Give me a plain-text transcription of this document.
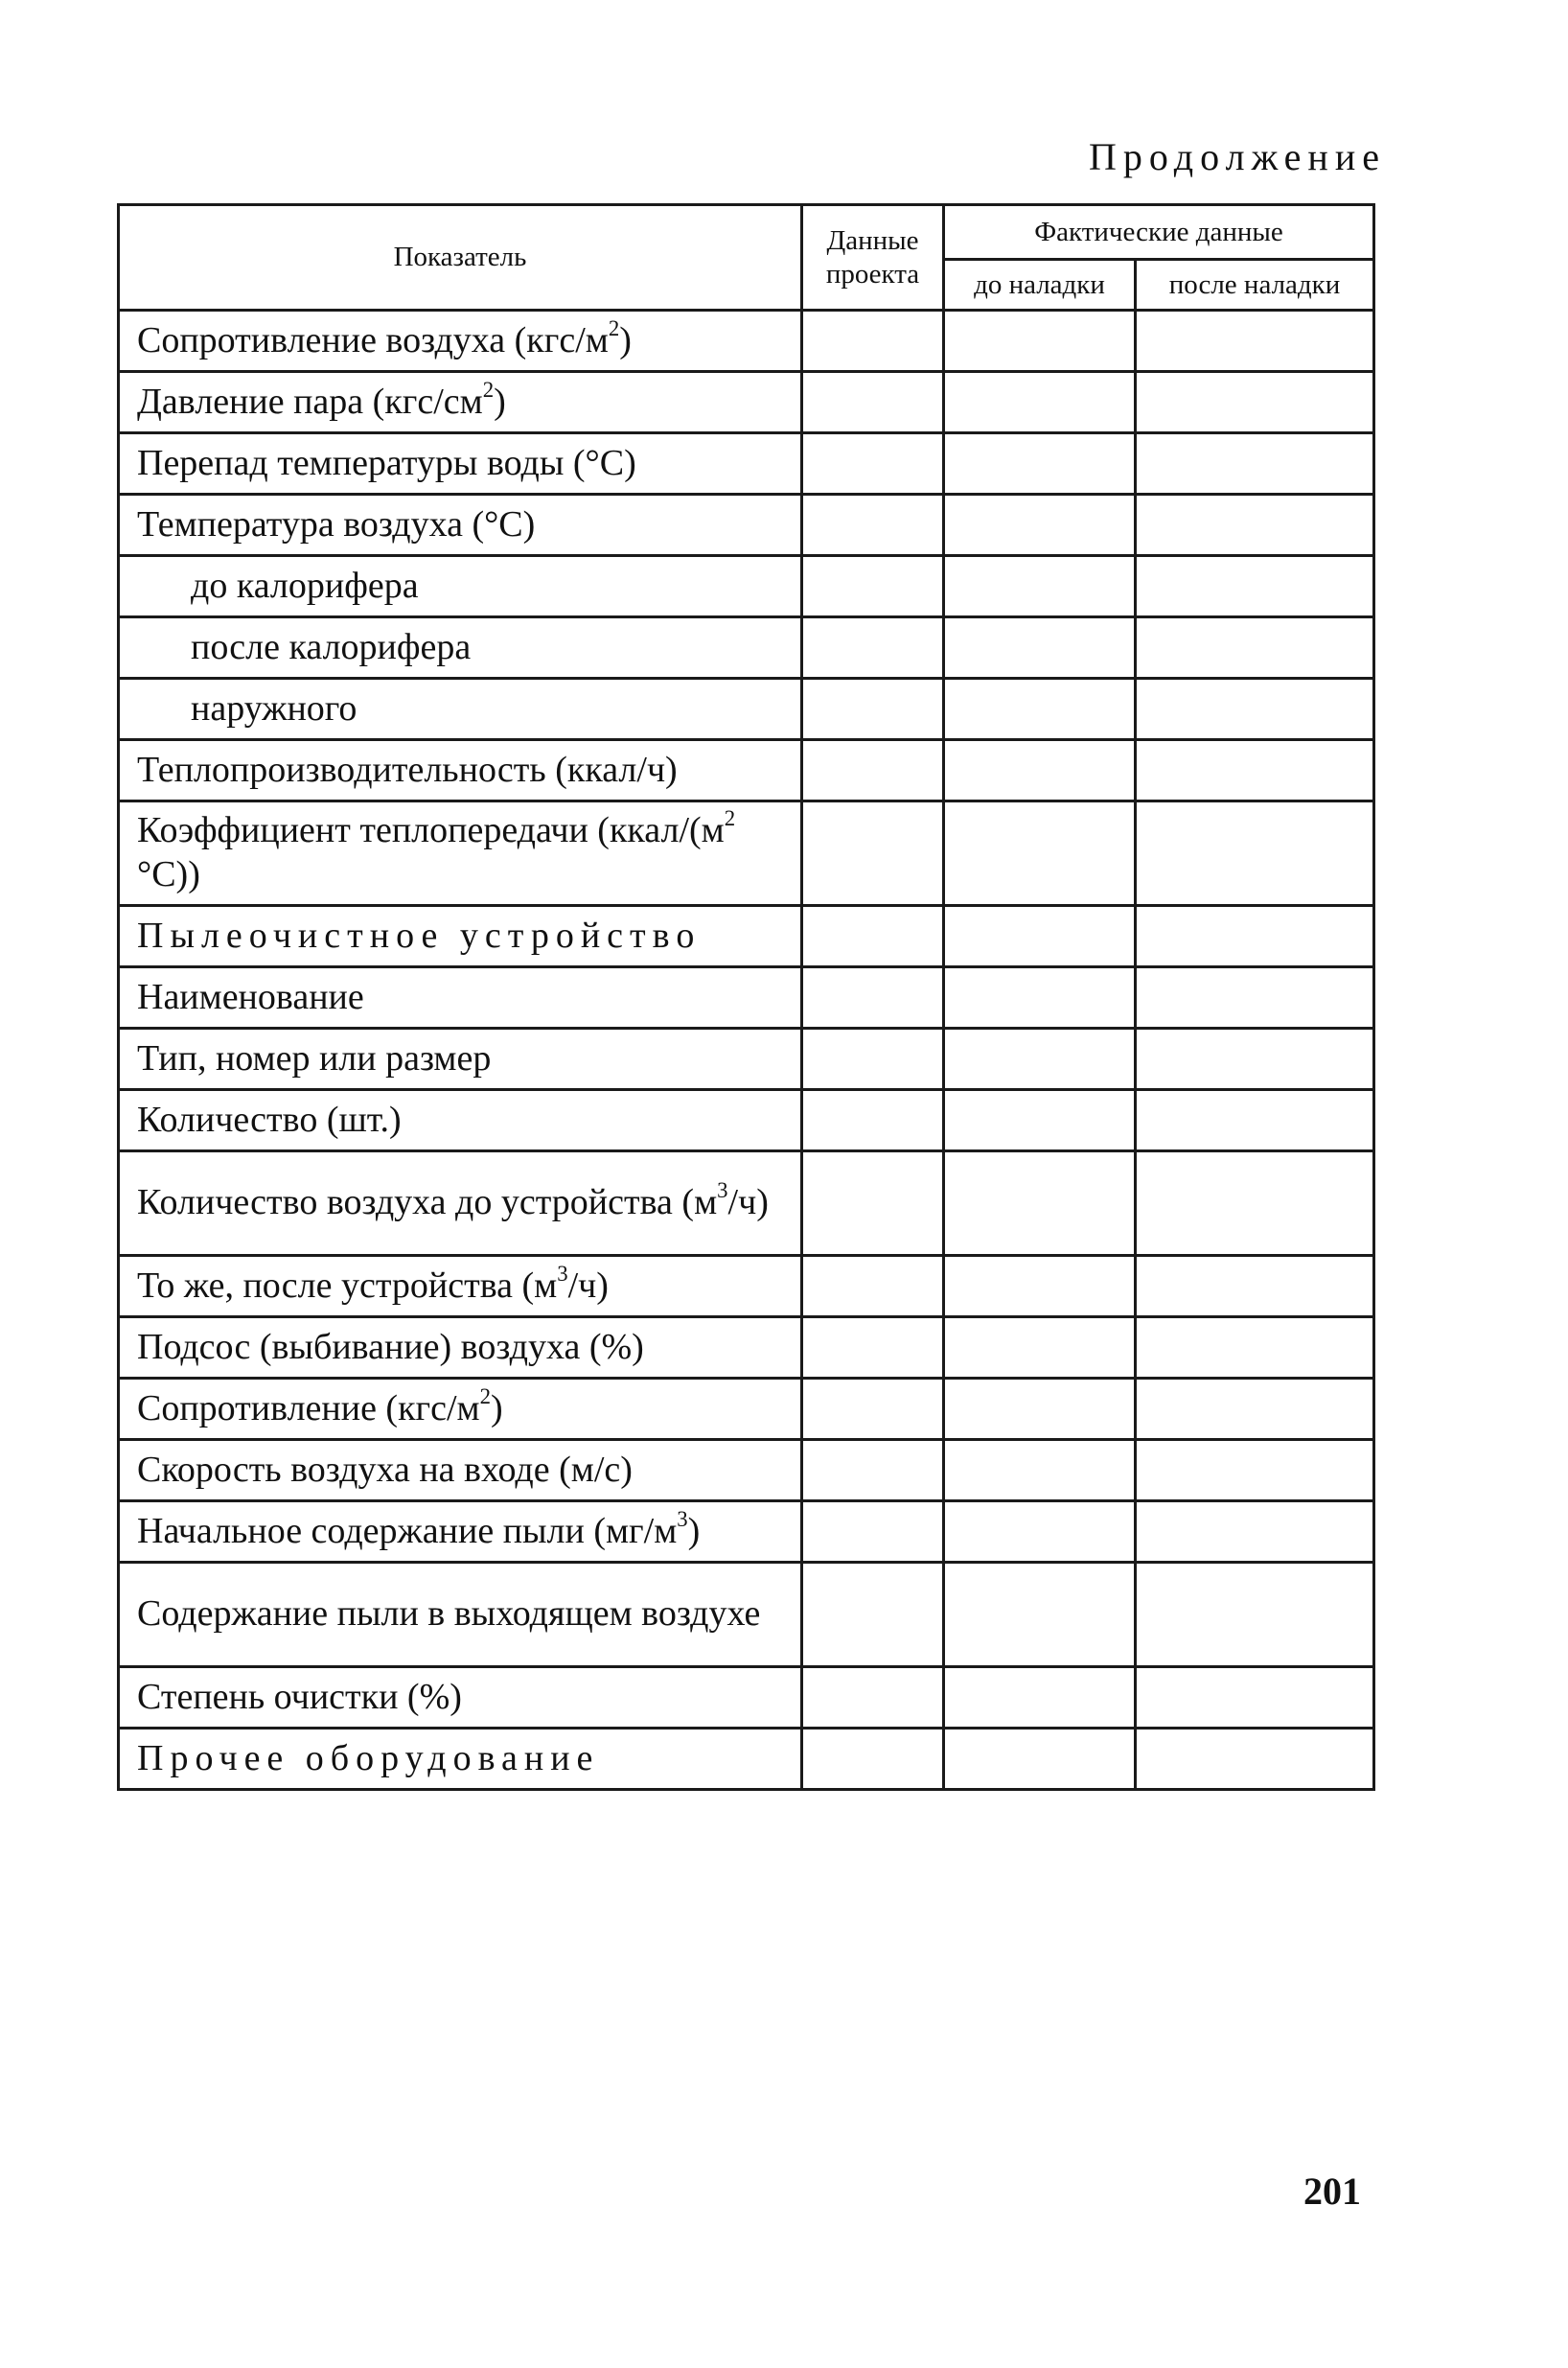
Продолжение
Показатель	Данные проекта	Фактические данные	
		до наладки	после наладки
Сопротивление воздуха $(кгс/м^2)$			
Давление пара $(кгс/см^2)$			
Перепад температуры воды (°С)			
Температура воздуха (°С)			
до калорифера			
после калорифера			
наружного			
Теплопроизводительность (ккал/ч)			
Коэффициент теплопередачи ($ккал/(м^2$ °С))			
Пылеочистное устройство			
Наименование			
Тип, номер или размер			
Количество (шт.)			
Количество воздуха до устройства $(м^3/ч)$			
То же, после устройства $(м^3/ч)$			
Подсос (выбивание) воздуха (%)			
Сопротивление $(кгс/м^2)$			
Скорость воздуха на входе (м/с)			
Начальное содержание пыли $(мг/м^3)$			
Содержание пыли в выходящем воздухе			
Степень очистки (%)			
Прочее оборудование			
201
